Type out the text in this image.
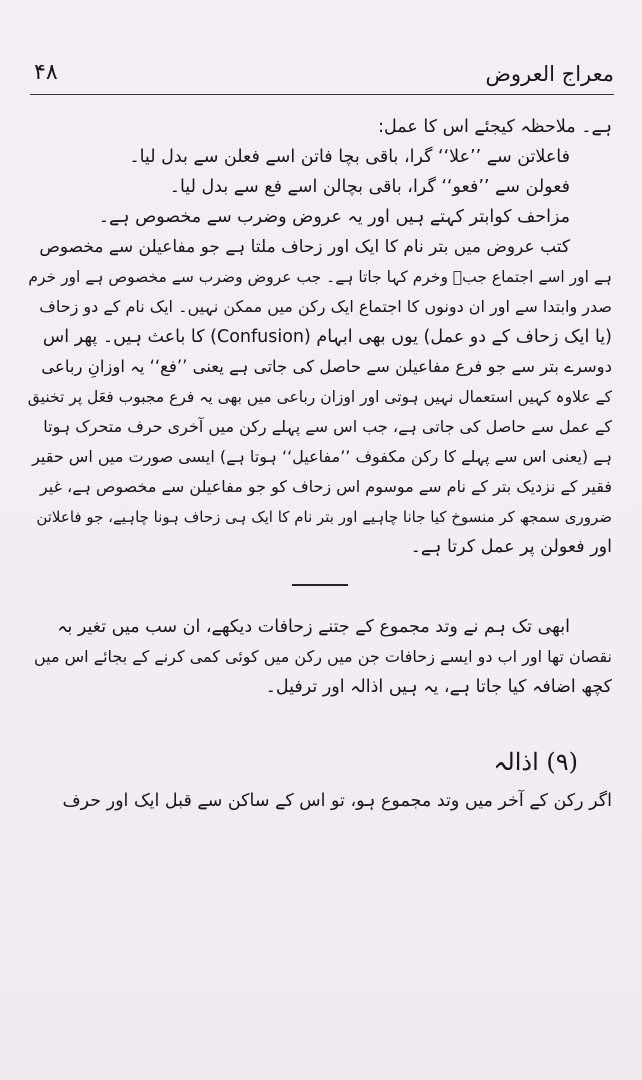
معراج العروض
۴۸
ہے۔ ملاحظہ کیجئے اس کا عمل:
فاعلاتن سے ’’علا‘‘ گرا، باقی بچا فاتن اسے فعلن سے بدل لیا۔
فعولن سے ’’فعو‘‘ گرا، باقی بچالن اسے فع سے بدل لیا۔
مزاحف کوابتر کہتے ہیں اور یہ عروض وضرب سے مخصوص ہے۔
کتب عروض میں بتر نام کا ایک اور زحاف ملتا ہے جو مفاعیلن سے مخصوص
ہے اور اسے اجتماع جبؒ وخرم کہا جاتا ہے۔ جب عروض وضرب سے مخصوص ہے اور خرم
صدر وابتدا سے اور ان دونوں کا اجتماع ایک رکن میں ممکن نہیں۔ ایک نام کے دو زحاف
(یا ایک زحاف کے دو عمل) یوں بھی ابہام (Confusion) کا باعث ہیں۔ پھر اس
دوسرے بتر سے جو فرع مفاعیلن سے حاصل کی جاتی ہے یعنی ’’فع‘‘ یہ اوزانِ رباعی
کے علاوہ کہیں استعمال نہیں ہوتی اور اوزان رباعی میں بھی یہ فرع مجبوب فعَل پر تخنیق
کے عمل سے حاصل کی جاتی ہے، جب اس سے پہلے رکن میں آخری حرف متحرک ہوتا
ہے (یعنی اس سے پہلے کا رکن مکفوف ’’مفاعیل‘‘ ہوتا ہے) ایسی صورت میں اس حقیر
فقیر کے نزدیک بتر کے نام سے موسوم اس زحاف کو جو مفاعیلن سے مخصوص ہے، غیر
ضروری سمجھ کر منسوخ کیا جانا چاہیے اور بتر نام کا ایک ہی زحاف ہونا چاہیے، جو فاعلاتن
اور فعولن پر عمل کرتا ہے۔
ابھی تک ہم نے وتد مجموع کے جتنے زحافات دیکھے، ان سب میں تغیر بہ
نقصان تھا اور اب دو ایسے زحافات جن میں رکن میں کوئی کمی کرنے کے بجائے اس میں
کچھ اضافہ کیا جاتا ہے، یہ ہیں اذالہ اور ترفیل۔
(۹) اذالہ
اگر رکن کے آخر میں وتد مجموع ہو، تو اس کے ساکن سے قبل ایک اور حرف
